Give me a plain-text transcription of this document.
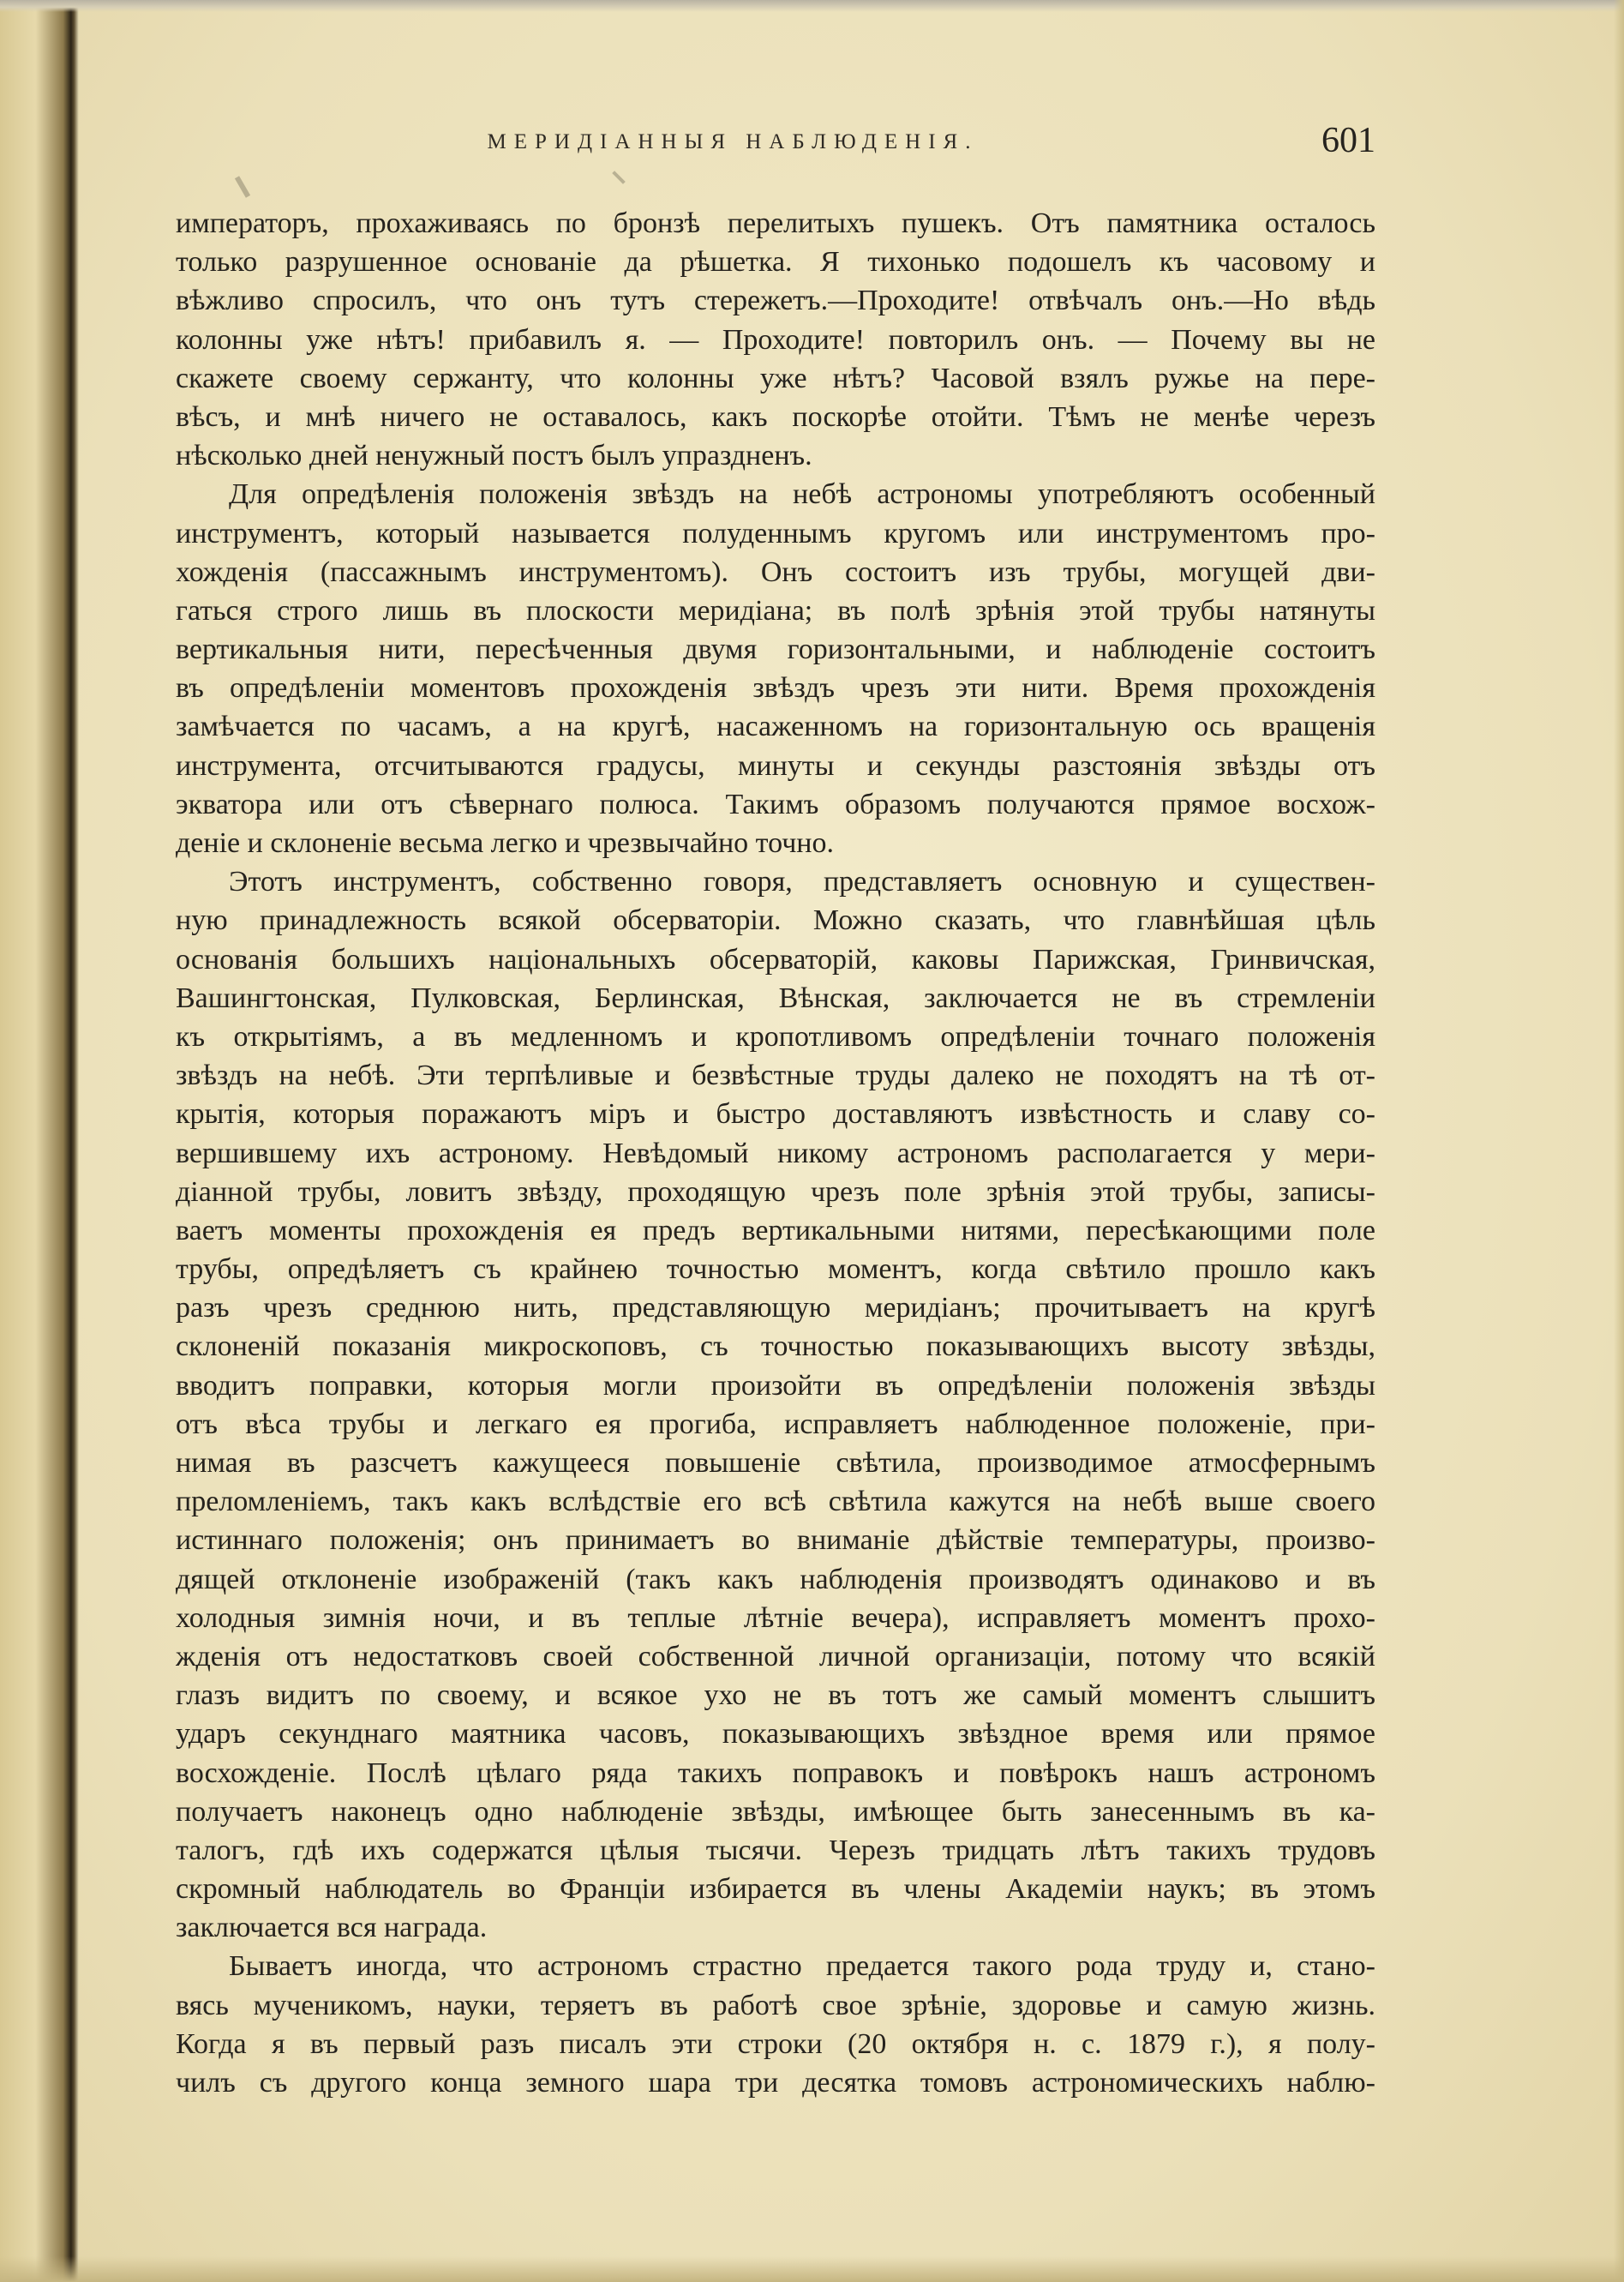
МЕРИДІАННЫЯ НАБЛЮДЕНІЯ.	601
императоръ, прохаживаясь по бронзѣ перелитыхъ пушекъ. Отъ памятника осталось
только разрушенное основаніе да рѣшетка. Я тихонько подошелъ къ часовому и
вѣжливо спросилъ, что онъ тутъ стережетъ.—Проходите! отвѣчалъ онъ.—Но вѣдь
колонны уже нѣтъ! прибавилъ я. — Проходите! повторилъ онъ. — Почему вы не
скажете своему сержанту, что колонны уже нѣтъ? Часовой взялъ ружье на пере-
вѣсъ, и мнѣ ничего не оставалось, какъ поскорѣе отойти. Тѣмъ не менѣе черезъ
нѣсколько дней ненужный постъ былъ упраздненъ.
Для опредѣленія положенія звѣздъ на небѣ астрономы употребляютъ особенный
инструментъ, который называется полуденнымъ кругомъ или инструментомъ про-
хожденія (пассажнымъ инструментомъ). Онъ состоитъ изъ трубы, могущей дви-
гаться строго лишь въ плоскости меридіана; въ полѣ зрѣнія этой трубы натянуты
вертикальныя нити, пересѣченныя двумя горизонтальными, и наблюденіе состоитъ
въ опредѣленіи моментовъ прохожденія звѣздъ чрезъ эти нити. Время прохожденія
замѣчается по часамъ, а на кругѣ, насаженномъ на горизонтальную ось вращенія
инструмента, отсчитываются градусы, минуты и секунды разстоянія звѣзды отъ
экватора или отъ сѣвернаго полюса. Такимъ образомъ получаются прямое восхож-
деніе и склоненіе весьма легко и чрезвычайно точно.
Этотъ инструментъ, собственно говоря, представляетъ основную и существен-
ную принадлежность всякой обсерваторіи. Можно сказать, что главнѣйшая цѣль
основанія большихъ національныхъ обсерваторій, каковы Парижская, Гринвичская,
Вашингтонская, Пулковская, Берлинская, Вѣнская, заключается не въ стремленіи
къ открытіямъ, а въ медленномъ и кропотливомъ опредѣленіи точнаго положенія
звѣздъ на небѣ. Эти терпѣливые и безвѣстные труды далеко не походятъ на тѣ от-
крытія, которыя поражаютъ міръ и быстро доставляютъ извѣстность и славу со-
вершившему ихъ астроному. Невѣдомый никому астрономъ располагается у мери-
діанной трубы, ловитъ звѣзду, проходящую чрезъ поле зрѣнія этой трубы, записы-
ваетъ моменты прохожденія ея предъ вертикальными нитями, пересѣкающими поле
трубы, опредѣляетъ съ крайнею точностью моментъ, когда свѣтило прошло какъ
разъ чрезъ среднюю нить, представляющую меридіанъ; прочитываетъ на кругѣ
склоненій показанія микроскоповъ, съ точностью показывающихъ высоту звѣзды,
вводитъ поправки, которыя могли произойти въ опредѣленіи положенія звѣзды
отъ вѣса трубы и легкаго ея прогиба, исправляетъ наблюденное положеніе, при-
нимая въ разсчетъ кажущееся повышеніе свѣтила, производимое атмосфернымъ
преломленіемъ, такъ какъ вслѣдствіе его всѣ свѣтила кажутся на небѣ выше своего
истиннаго положенія; онъ принимаетъ во вниманіе дѣйствіе температуры, произво-
дящей отклоненіе изображеній (такъ какъ наблюденія производятъ одинаково и въ
холодныя зимнія ночи, и въ теплые лѣтніе вечера), исправляетъ моментъ прохо-
жденія отъ недостатковъ своей собственной личной организаціи, потому что всякій
глазъ видитъ по своему, и всякое ухо не въ тотъ же самый моментъ слышитъ
ударъ секунднаго маятника часовъ, показывающихъ звѣздное время или прямое
восхожденіе. Послѣ цѣлаго ряда такихъ поправокъ и повѣрокъ нашъ астрономъ
получаетъ наконецъ одно наблюденіе звѣзды, имѣющее быть занесеннымъ въ ка-
талогъ, гдѣ ихъ содержатся цѣлыя тысячи. Черезъ тридцать лѣтъ такихъ трудовъ
скромный наблюдатель во Франціи избирается въ члены Академіи наукъ; въ этомъ
заключается вся награда.
Бываетъ иногда, что астрономъ страстно предается такого рода труду и, стано-
вясь мученикомъ, науки, теряетъ въ работѣ свое зрѣніе, здоровье и самую жизнь.
Когда я въ первый разъ писалъ эти строки (20 октября н. с. 1879 г.), я полу-
чилъ съ другого конца земного шара три десятка томовъ астрономическихъ наблю-
